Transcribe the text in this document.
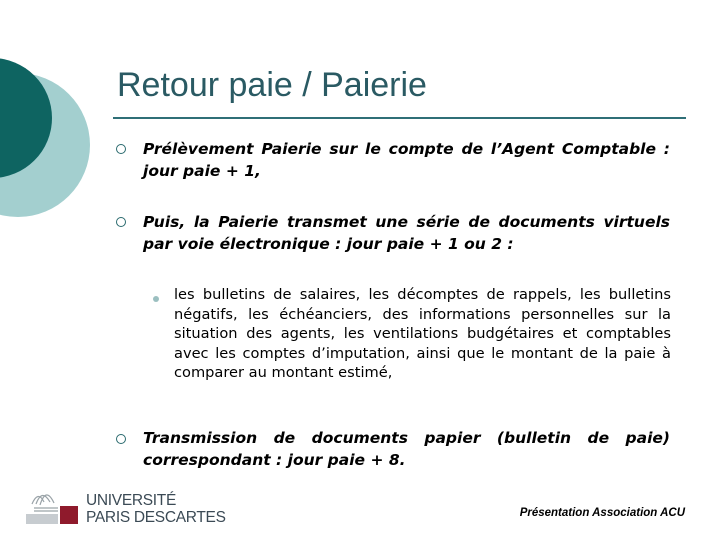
Retour paie / Paierie
Prélèvement Paierie sur le compte de l’Agent Comptable : jour paie + 1,
Puis, la Paierie transmet une série de documents virtuels par voie électronique : jour paie + 1 ou 2 :
les bulletins de salaires, les décomptes de rappels, les bulletins négatifs, les échéanciers, des informations personnelles sur la situation des agents, les ventilations budgétaires et comptables avec les comptes d’imputation, ainsi que le montant de la paie à comparer au montant estimé,
Transmission de documents papier (bulletin de paie) correspondant : jour paie + 8.
UNIVERSITÉ
PARIS DESCARTES	Présentation Association ACU
